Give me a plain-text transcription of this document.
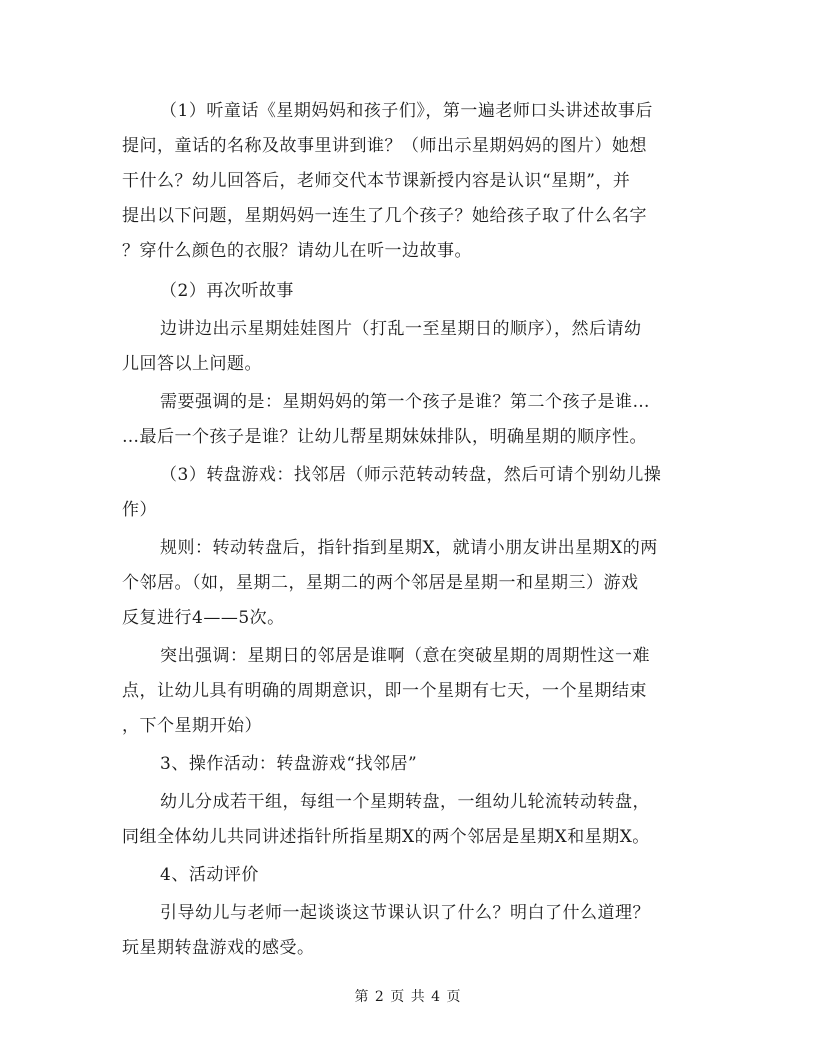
（1）听童话《星期妈妈和孩子们》，第一遍老师口头讲述故事后
提问，童话的名称及故事里讲到谁？（师出示星期妈妈的图片）她想
干什么？幼儿回答后，老师交代本节课新授内容是认识“星期”，并
提出以下问题，星期妈妈一连生了几个孩子？她给孩子取了什么名字
？穿什么颜色的衣服？请幼儿在听一边故事。
（2）再次听故事
边讲边出示星期娃娃图片（打乱一至星期日的顺序），然后请幼
儿回答以上问题。
需要强调的是：星期妈妈的第一个孩子是谁？第二个孩子是谁…
…最后一个孩子是谁？让幼儿帮星期妹妹排队，明确星期的顺序性。
（3）转盘游戏：找邻居（师示范转动转盘，然后可请个别幼儿操
作）
规则：转动转盘后，指针指到星期X，就请小朋友讲出星期X的两
个邻居。（如，星期二，星期二的两个邻居是星期一和星期三）游戏
反复进行4——5次。
突出强调：星期日的邻居是谁啊（意在突破星期的周期性这一难
点，让幼儿具有明确的周期意识，即一个星期有七天，一个星期结束
，下个星期开始）
3、操作活动：转盘游戏“找邻居”
幼儿分成若干组，每组一个星期转盘，一组幼儿轮流转动转盘，
同组全体幼儿共同讲述指针所指星期X的两个邻居是星期X和星期X。
4、活动评价
引导幼儿与老师一起谈谈这节课认识了什么？明白了什么道理？
玩星期转盘游戏的感受。
第 2 页 共 4 页
